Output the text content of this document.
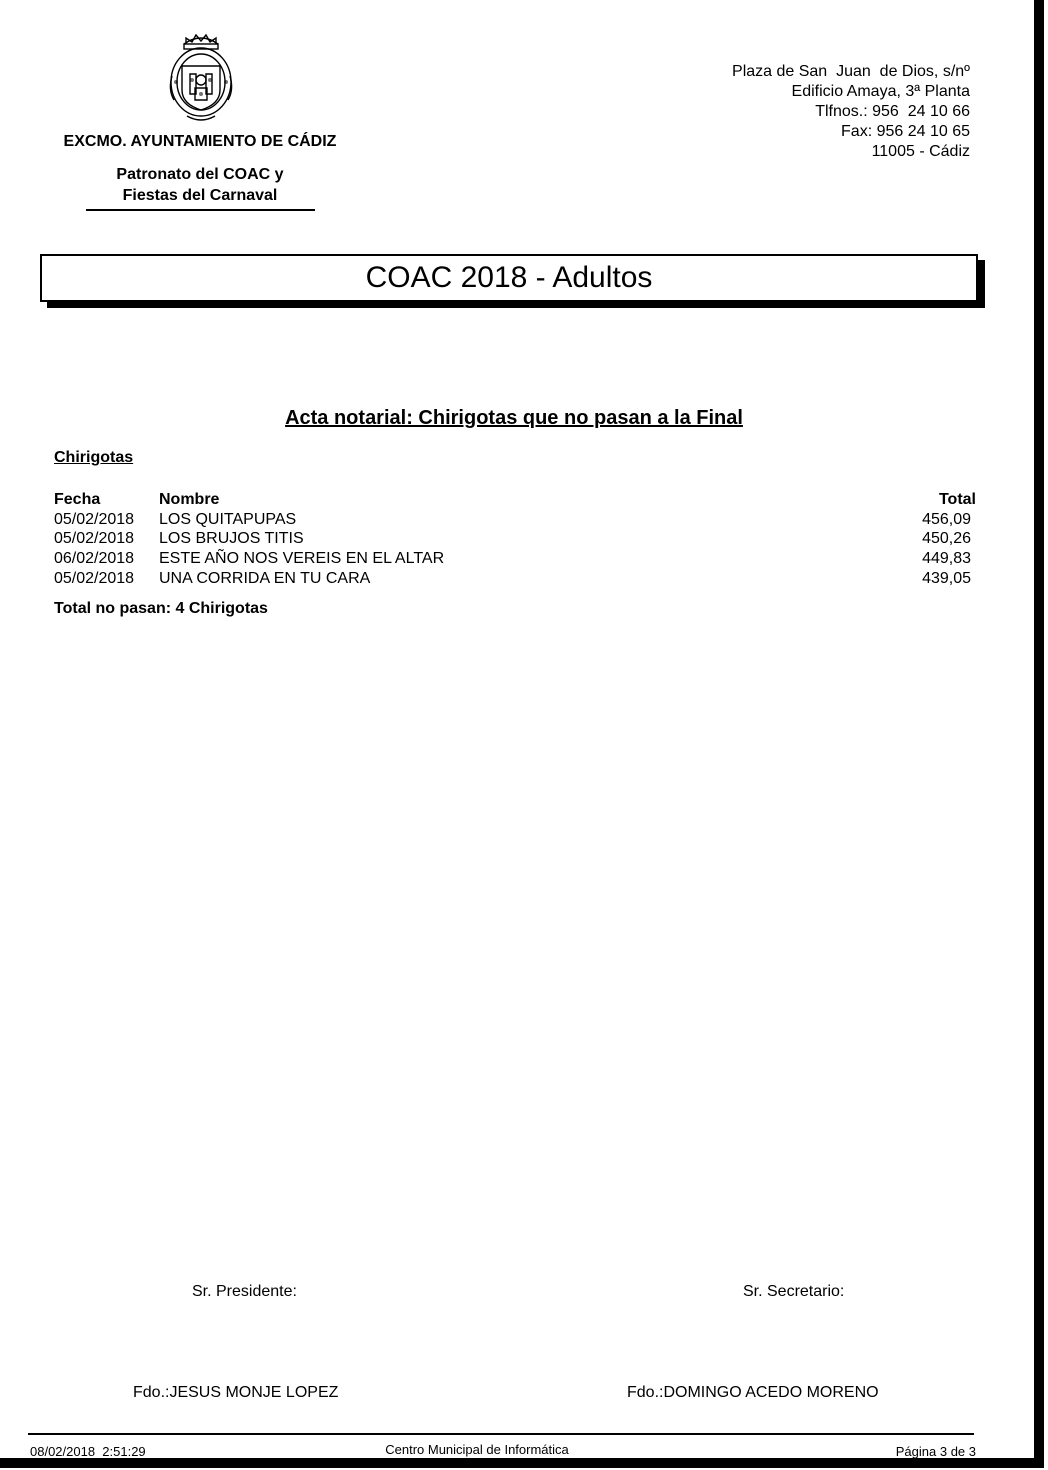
EXCMO. AYUNTAMIENTO DE CÁDIZ
Patronato del COAC y
Fiestas del Carnaval
Plaza de San  Juan  de Dios, s/nº
Edificio Amaya, 3ª Planta
Tlfnos.: 956  24 10 66
Fax: 956 24 10 65
11005 - Cádiz
COAC 2018 - Adultos
Acta notarial: Chirigotas que no pasan a la Final
Chirigotas
Fecha	Nombre	Total
05/02/2018 LOS QUITAPUPAS	456,09
05/02/2018 LOS BRUJOS TITIS	450,26
06/02/2018 ESTE AÑO NOS VEREIS EN EL ALTAR	449,83
05/02/2018 UNA CORRIDA EN TU CARA	439,05
Total no pasan: 4 Chirigotas
Sr. Presidente:	Sr. Secretario:
Fdo.:JESUS MONJE LOPEZ	Fdo.:DOMINGO ACEDO MORENO
08/02/2018  2:51:29	Centro Municipal de Informática	Página 3 de 3
